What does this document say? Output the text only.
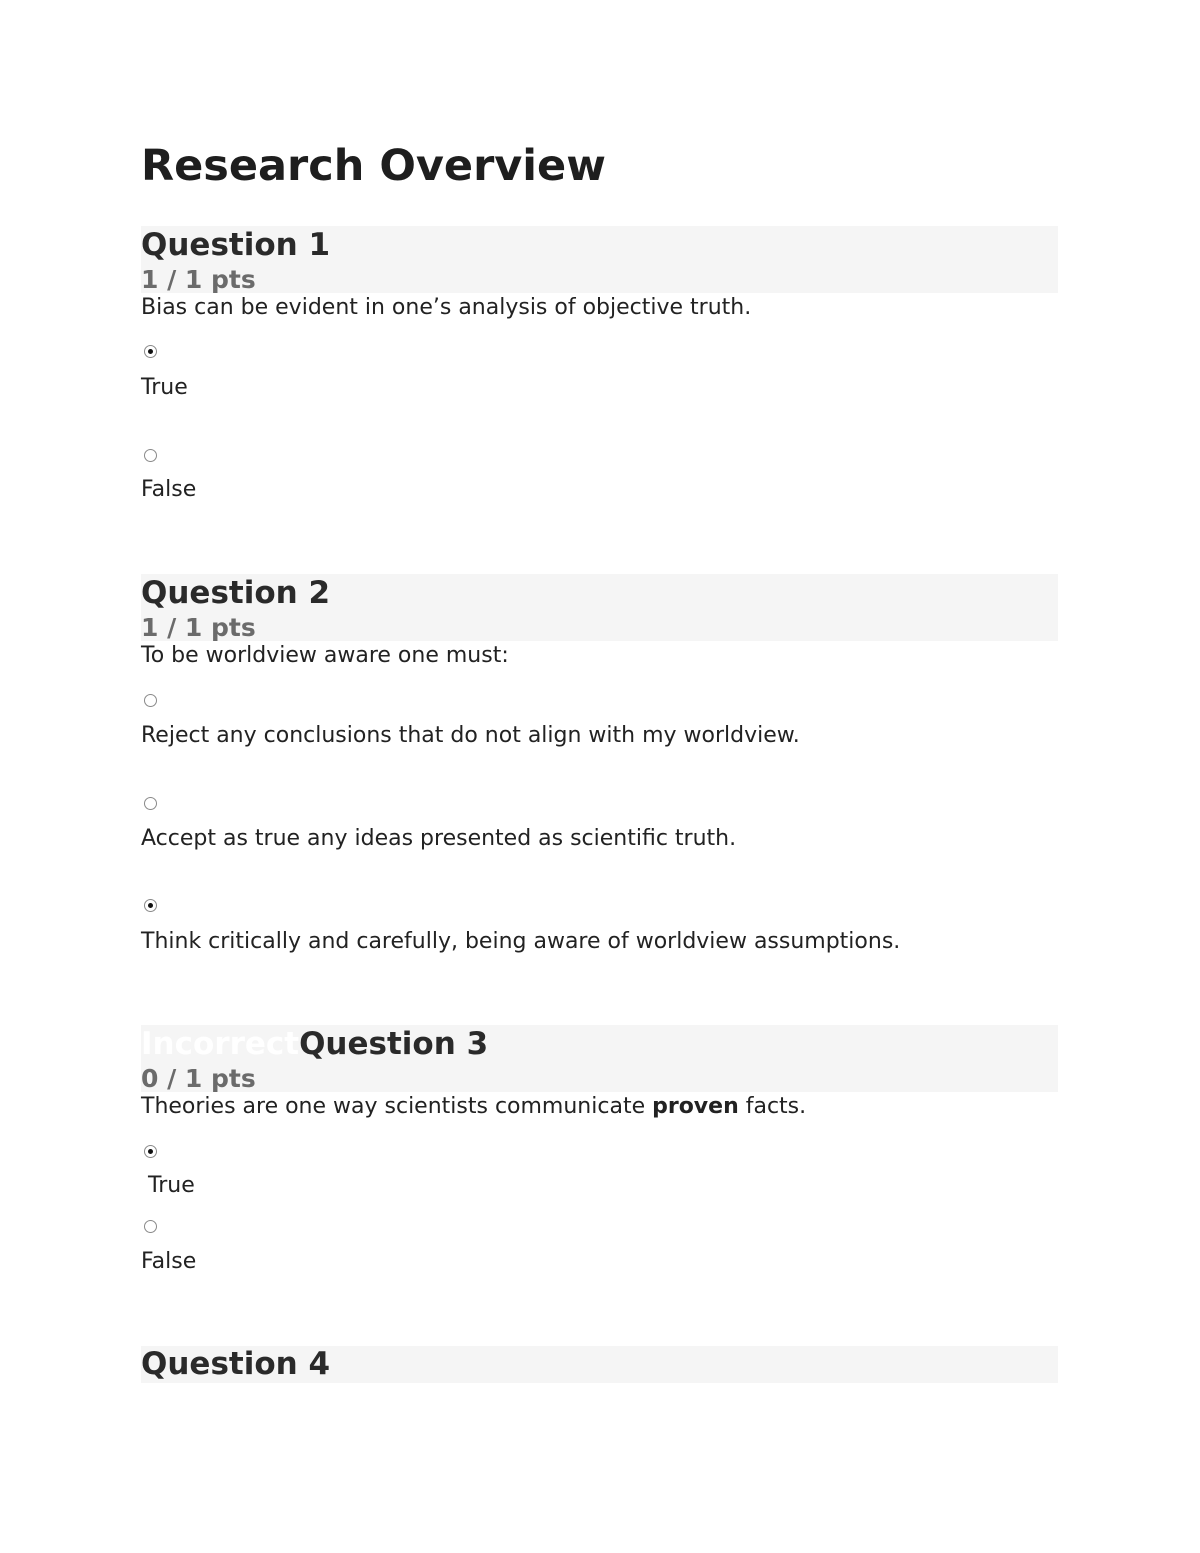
Research Overview
Question 1
1 / 1 pts
Bias can be evident in one’s analysis of objective truth.
True
False
Question 2
1 / 1 pts
To be worldview aware one must:
Reject any conclusions that do not align with my worldview.
Accept as true any ideas presented as scientific truth.
Think critically and carefully, being aware of worldview assumptions.
IncorrectQuestion 3
0 / 1 pts
Theories are one way scientists communicate proven facts.
True
False
Question 4
